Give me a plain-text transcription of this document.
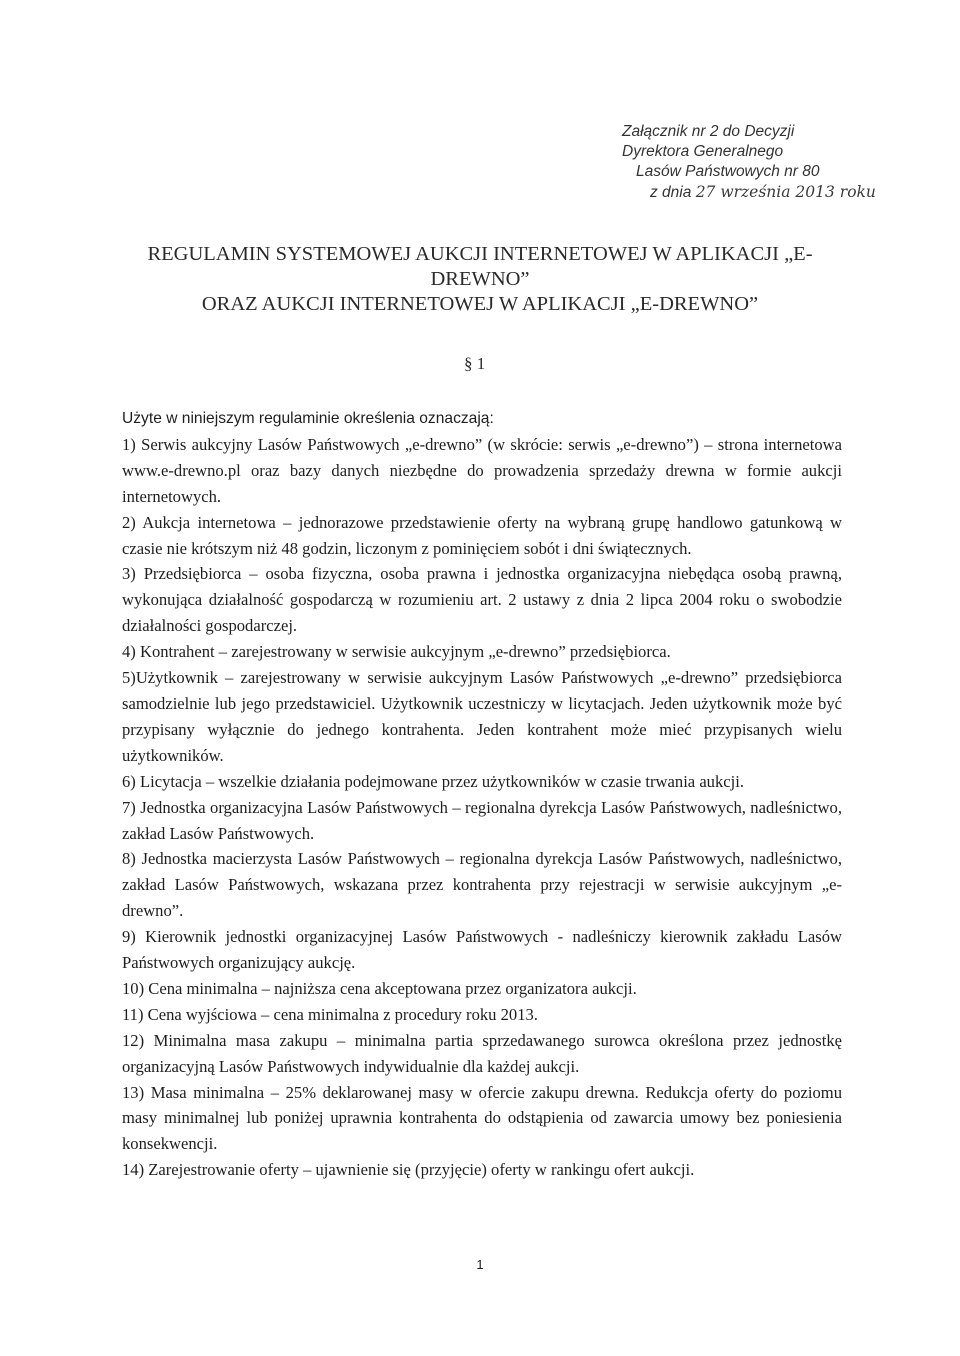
Załącznik nr 2 do Decyzji
Dyrektora Generalnego
Lasów Państwowych nr 80
z dnia 27 września 2013 roku
REGULAMIN SYSTEMOWEJ AUKCJI INTERNETOWEJ W APLIKACJI „E-
DREWNO”
ORAZ AUKCJI INTERNETOWEJ W APLIKACJI „E-DREWNO”
§ 1

Użyte w niniejszym regulaminie określenia oznaczają:

1) Serwis aukcyjny Lasów Państwowych „e-drewno” (w skrócie: serwis „e-drewno”) – strona internetowa www.e-drewno.pl oraz bazy danych niezbędne do prowadzenia sprzedaży drewna w formie aukcji internetowych.

2) Aukcja internetowa – jednorazowe przedstawienie oferty na wybraną grupę handlowo gatunkową w czasie nie krótszym niż 48 godzin, liczonym z pominięciem sobót i dni świątecznych.

3) Przedsiębiorca – osoba fizyczna, osoba prawna i jednostka organizacyjna niebędąca osobą prawną, wykonująca działalność gospodarczą w rozumieniu art. 2 ustawy z dnia 2 lipca 2004 roku o swobodzie działalności gospodarczej.

4) Kontrahent – zarejestrowany w serwisie aukcyjnym „e-drewno” przedsiębiorca.

5)Użytkownik – zarejestrowany w serwisie aukcyjnym Lasów Państwowych „e-drewno” przedsiębiorca samodzielnie lub jego przedstawiciel. Użytkownik uczestniczy w licytacjach. Jeden użytkownik może być przypisany wyłącznie do jednego kontrahenta. Jeden kontrahent może mieć przypisanych wielu użytkowników.

6) Licytacja – wszelkie działania podejmowane przez użytkowników w czasie trwania aukcji.

7) Jednostka organizacyjna Lasów Państwowych – regionalna dyrekcja Lasów Państwowych, nadleśnictwo, zakład Lasów Państwowych.

8) Jednostka macierzysta Lasów Państwowych – regionalna dyrekcja Lasów Państwowych, nadleśnictwo, zakład Lasów Państwowych, wskazana przez kontrahenta przy rejestracji w serwisie aukcyjnym „e-drewno”.

9) Kierownik jednostki organizacyjnej Lasów Państwowych - nadleśniczy kierownik zakładu Lasów Państwowych organizujący aukcję.

10) Cena minimalna – najniższa cena akceptowana przez organizatora aukcji.

11) Cena wyjściowa – cena minimalna z procedury roku 2013.

12) Minimalna masa zakupu – minimalna partia sprzedawanego surowca określona przez jednostkę organizacyjną Lasów Państwowych indywidualnie dla każdej aukcji.

13) Masa minimalna – 25% deklarowanej masy w ofercie zakupu drewna. Redukcja oferty do poziomu masy minimalnej lub poniżej uprawnia kontrahenta do odstąpienia od zawarcia umowy bez poniesienia konsekwencji.

14) Zarejestrowanie oferty – ujawnienie się (przyjęcie) oferty w rankingu ofert aukcji.

1
